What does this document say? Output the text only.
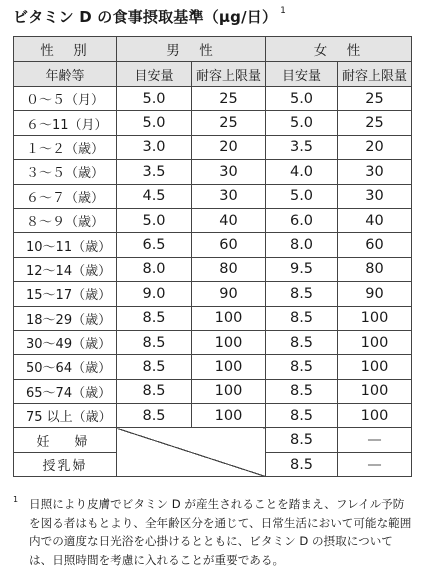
ビタミン D の食事摂取基準（μg/日） $^1$
性　別	男　性		女　性	
年齢等	目安量	耐容上限量	目安量	耐容上限量
０～５（月）	5.0	25	5.0	25
６～11（月）	5.0	25	5.0	25
１～２（歳）	3.0	20	3.5	20
３～５（歳）	3.5	30	4.0	30
６～７（歳）	4.5	30	5.0	30
８～９（歳）	5.0	40	6.0	40
10～11（歳）	6.5	60	8.0	60
12～14（歳）	8.0	80	9.5	80
15～17（歳）	9.0	90	8.5	90
18～29（歳）	8.5	100	8.5	100
30～49（歳）	8.5	100	8.5	100
50～64（歳）	8.5	100	8.5	100
65～74（歳）	8.5	100	8.5	100
75 以上（歳）	8.5	100	8.5	100
妊　婦			8.5	—
授乳婦			8.5	—
1 日照により皮膚でビタミン D が産生されることを踏まえ、フレイル予防を図る者はもとより、全年齢区分を通じて、日常生活において可能な範囲内での適度な日光浴を心掛けるとともに、ビタミン D の摂取については、日照時間を考慮に入れることが重要である。
